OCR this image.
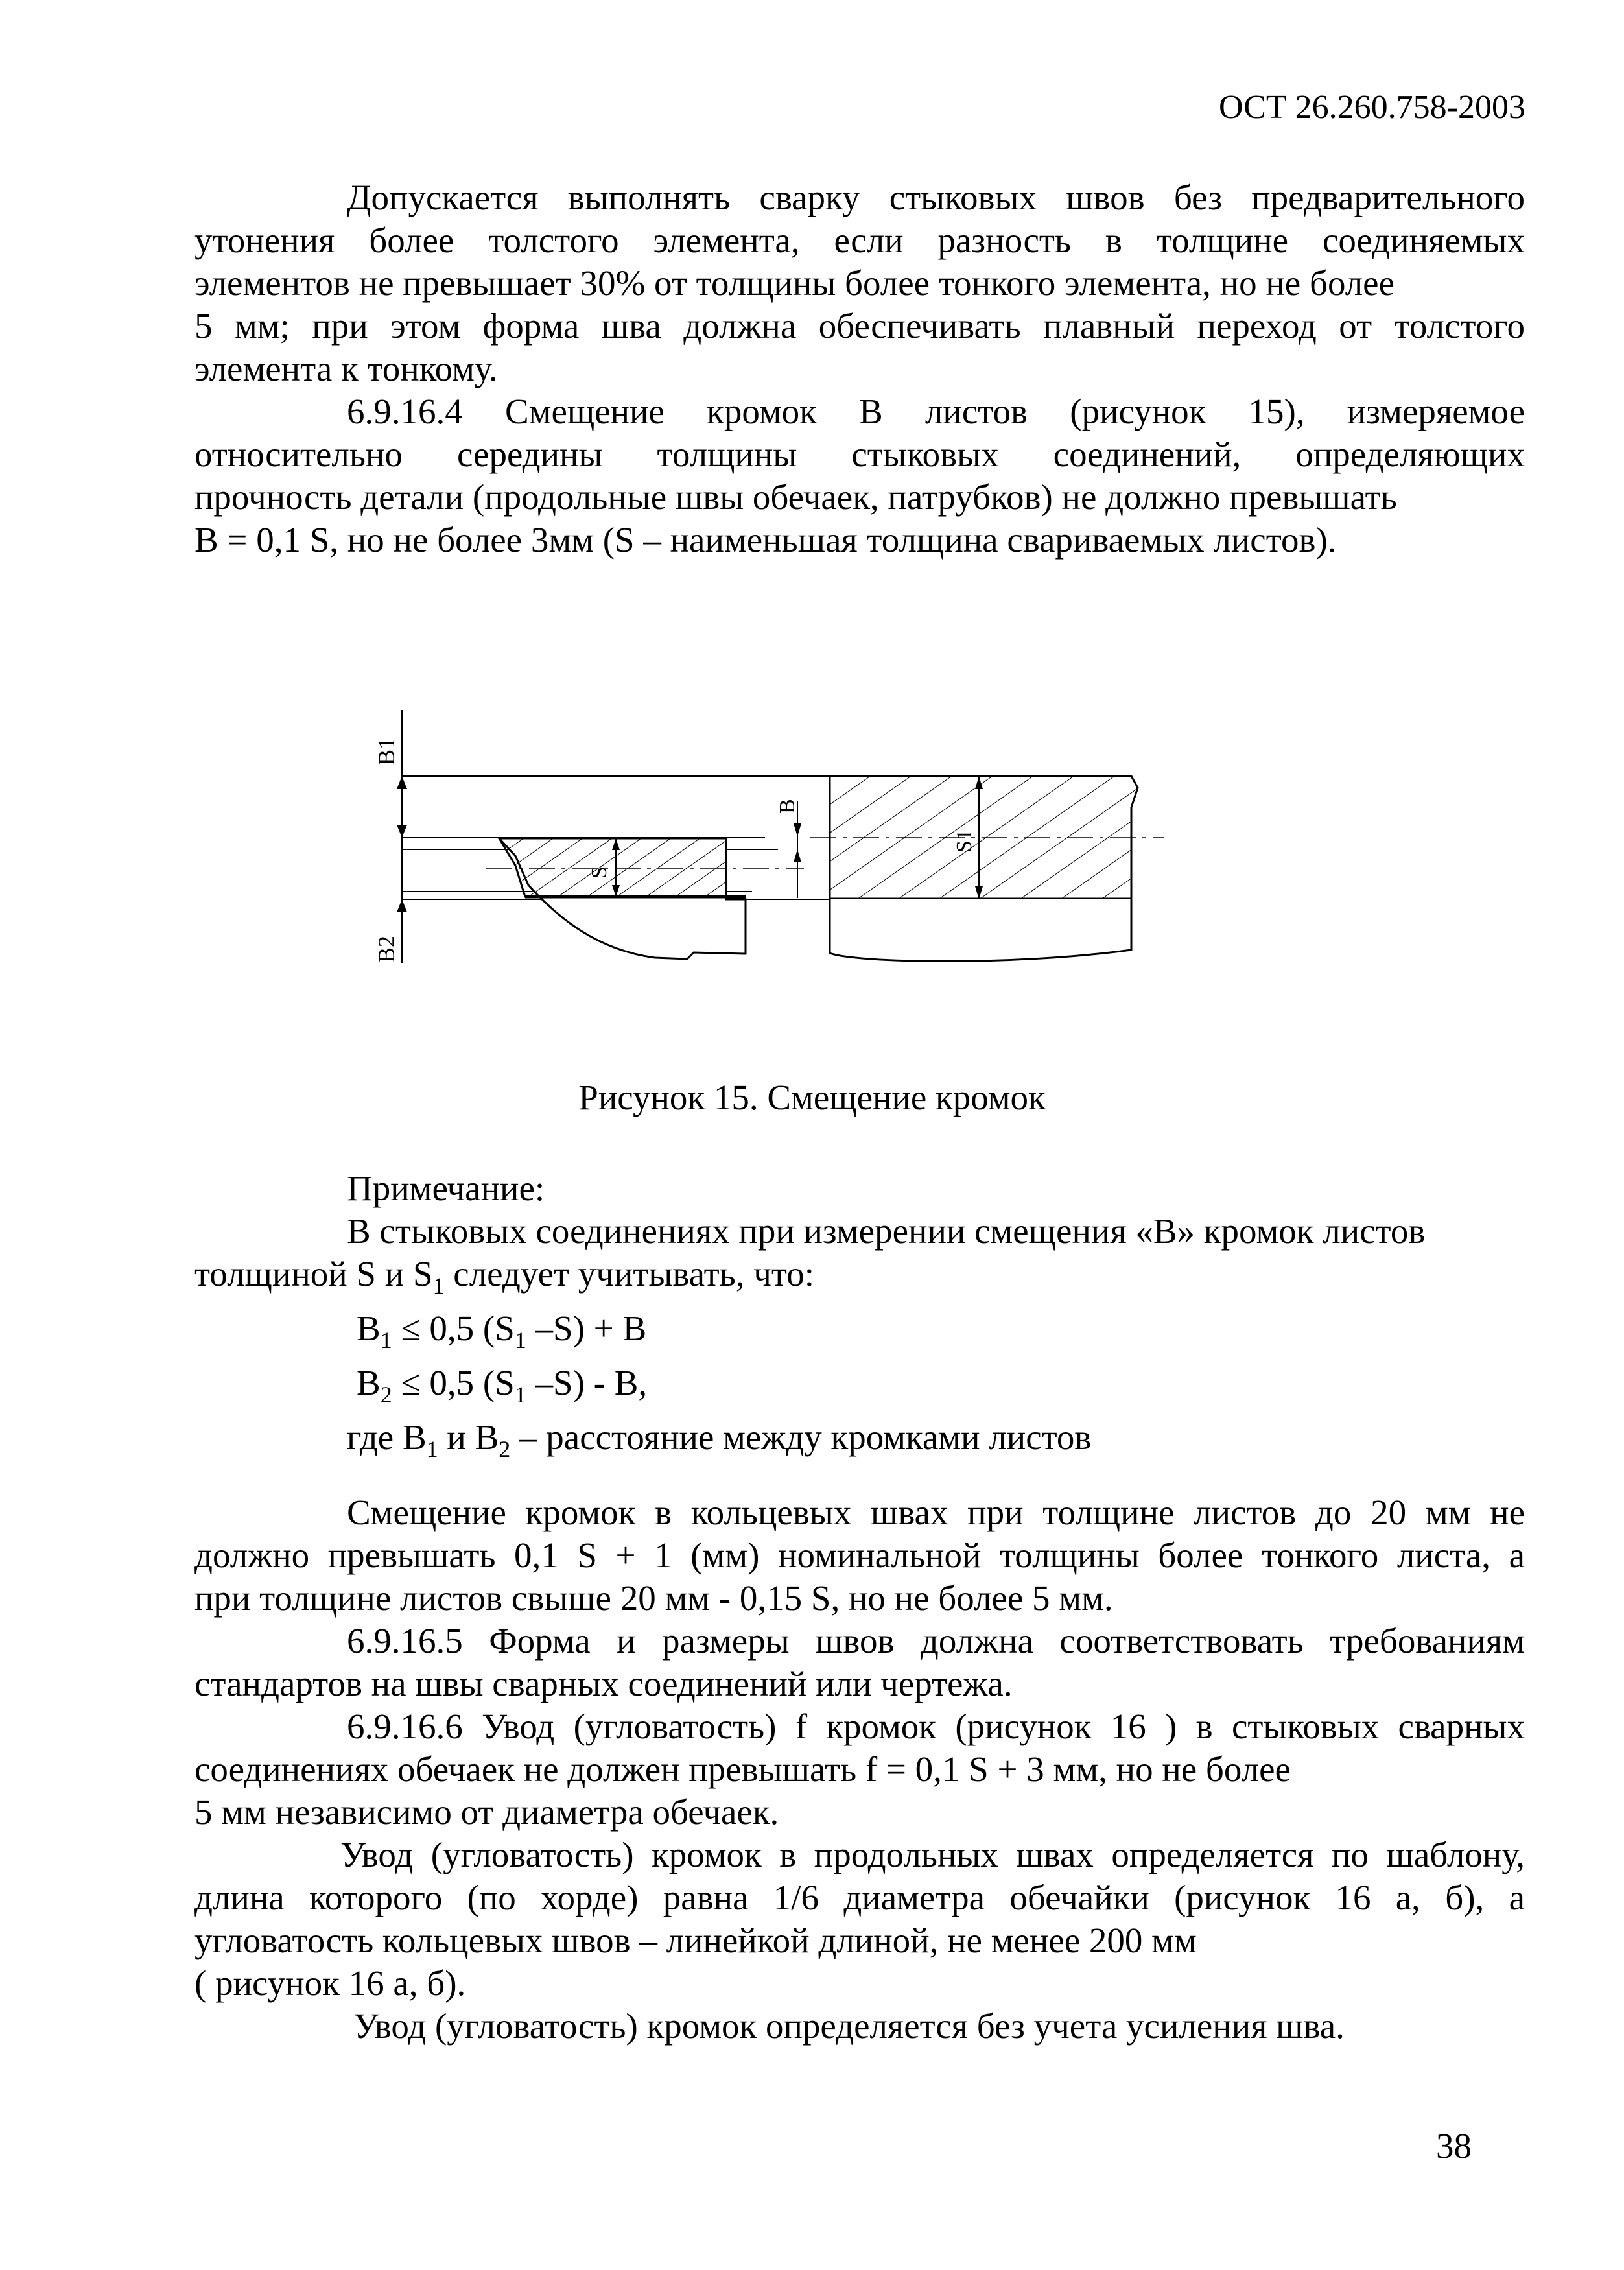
ОСТ 26.260.758-2003

Допускается выполнять сварку стыковых швов без предварительного

утонения более толстого элемента, если разность в толщине соединяемых

элементов не превышает 30% от толщины более тонкого элемента, но не более

5 мм; при этом форма шва должна обеспечивать плавный переход от толстого

элемента к тонкому.

6.9.16.4 Смещение кромок B листов (рисунок 15), измеряемое

относительно середины толщины стыковых соединений, определяющих

прочность детали (продольные швы обечаек, патрубков) не должно превышать

B = 0,1 S, но не более 3мм (S – наименьшая толщина свариваемых листов).

S
B
S1
B1
B2
Рисунок 15. Смещение кромок

Примечание:

В стыковых соединениях при измерении смещения «B» кромок листов

толщиной S и $S_1$ следует учитывать, что:

$B_1 \le 0,5$ ($S_1$ –S) + B

$B_2 \le 0,5$ ($S_1$ –S) - B,

где $B_1$ и $B_2$ – расстояние между кромками листов

Смещение кромок в кольцевых швах при толщине листов до 20 мм не

должно превышать 0,1 S + 1 (мм) номинальной толщины более тонкого листа, а

при толщине листов свыше 20 мм - 0,15 S, но не более 5 мм.

6.9.16.5 Форма и размеры швов должна соответствовать требованиям

стандартов на швы сварных соединений или чертежа.

6.9.16.6 Увод (угловатость) f кромок (рисунок 16 ) в стыковых сварных

соединениях обечаек не должен превышать f = 0,1 S + 3 мм, но не более

5 мм независимо от диаметра обечаек.

Увод (угловатость) кромок в продольных швах определяется по шаблону,

длина которого (по хорде) равна 1/6 диаметра обечайки (рисунок 16 а, б), а

угловатость кольцевых швов – линейкой длиной, не менее 200 мм

( рисунок 16 а, б).

Увод (угловатость) кромок определяется без учета усиления шва.

38
